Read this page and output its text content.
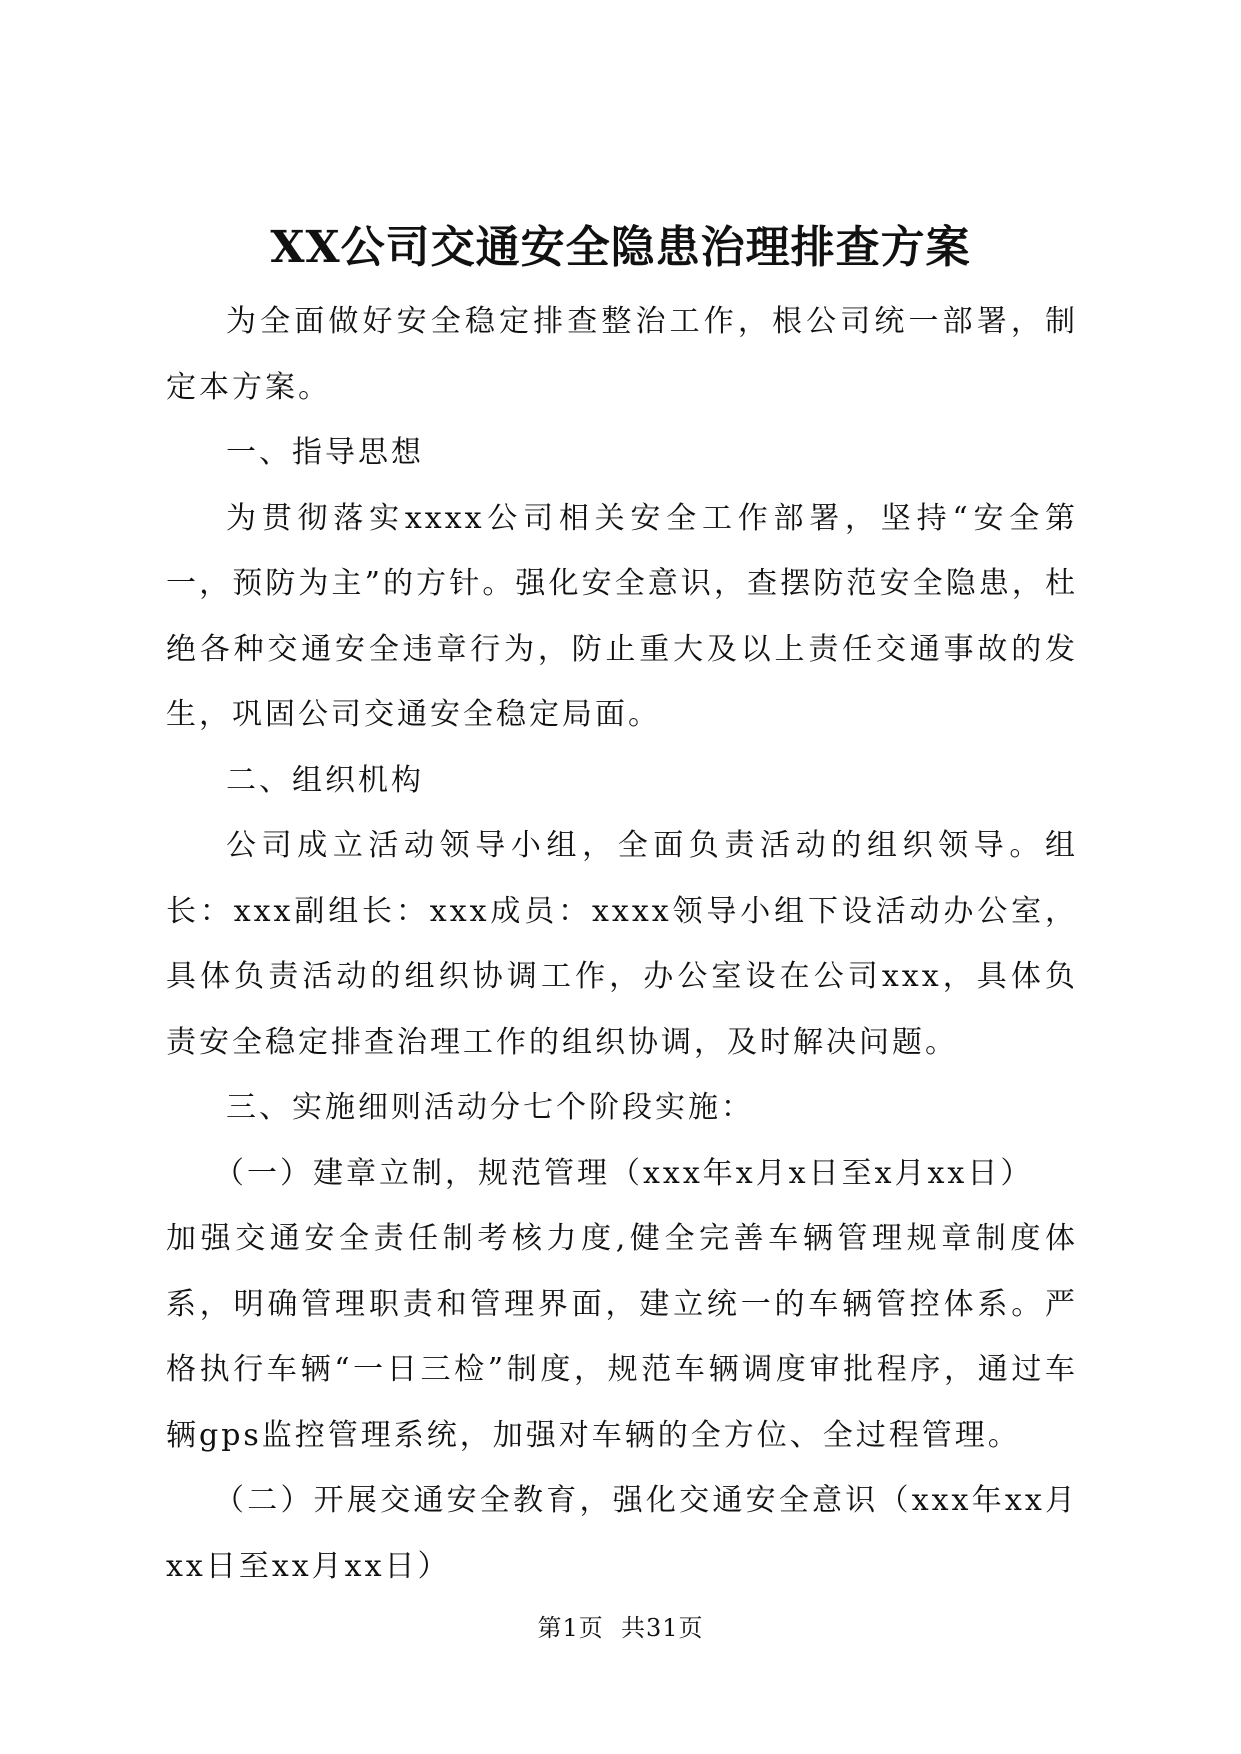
XX公司交通安全隐患治理排查方案

为全面做好安全稳定排查整治工作，根公司统一部署，制定本方案。

一、指导思想

为贯彻落实xxxx公司相关安全工作部署，坚持“安全第一，预防为主”的方针。强化安全意识，查摆防范安全隐患，杜绝各种交通安全违章行为，防止重大及以上责任交通事故的发生，巩固公司交通安全稳定局面。

二、组织机构

公司成立活动领导小组，全面负责活动的组织领导。组长：xxx副组长：xxx成员：xxxx领导小组下设活动办公室，具体负责活动的组织协调工作，办公室设在公司xxx，具体负责安全稳定排查治理工作的组织协调，及时解决问题。

三、实施细则活动分七个阶段实施：

（一）建章立制，规范管理（xxx年x月x日至x月xx日）

加强交通安全责任制考核力度,健全完善车辆管理规章制度体系，明确管理职责和管理界面，建立统一的车辆管控体系。严格执行车辆“一日三检”制度，规范车辆调度审批程序，通过车辆gps监控管理系统，加强对车辆的全方位、全过程管理。

（二）开展交通安全教育，强化交通安全意识（xxx年xx月xx日至xx月xx日）

第1页  共31页
